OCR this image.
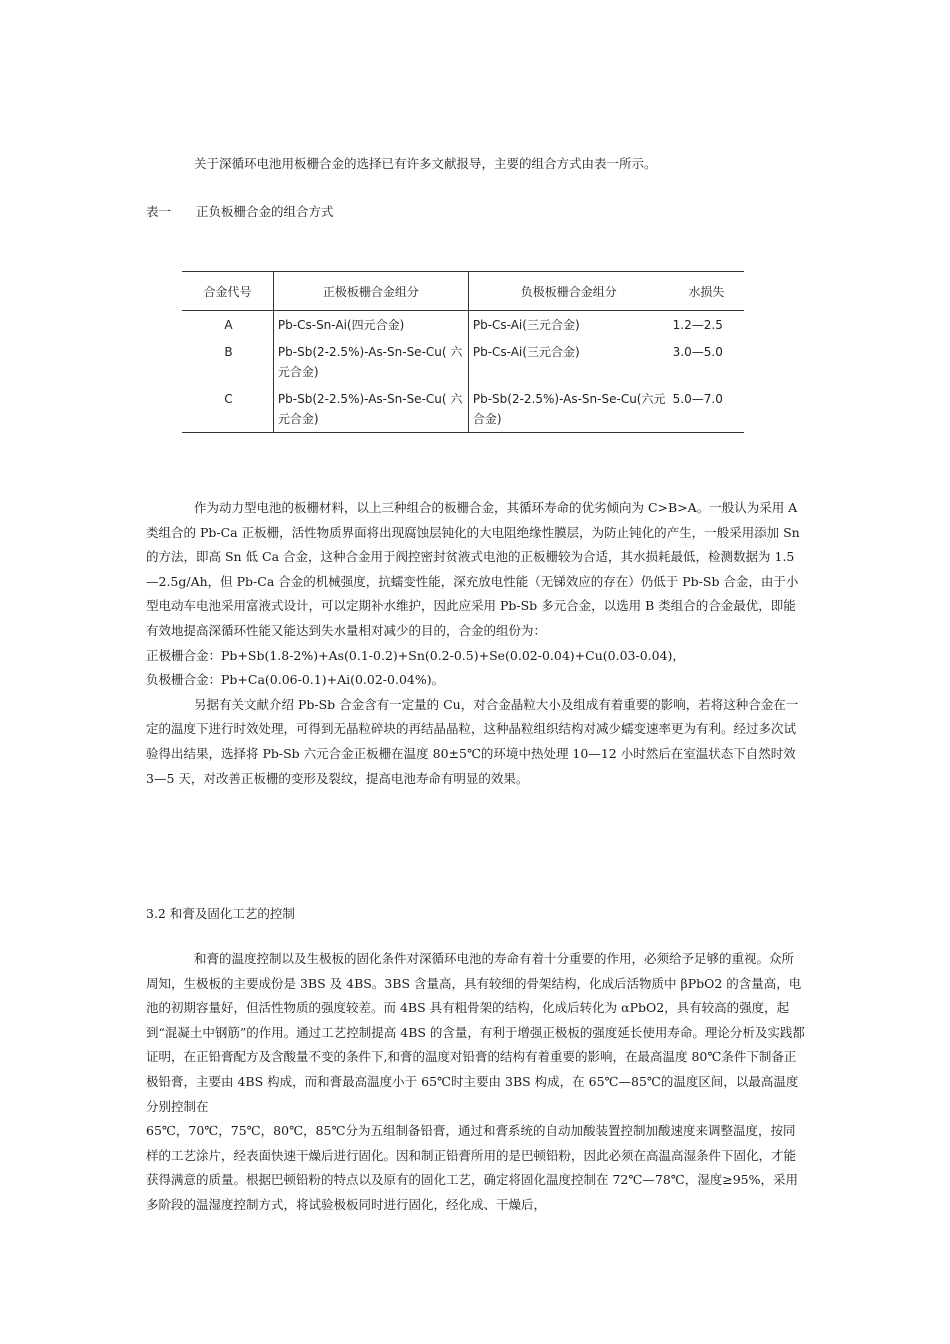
关于深循环电池用板栅合金的选择已有许多文献报导，主要的组合方式由表一所示。
表一 正负板栅合金的组合方式
合金代号	正极板栅合金组分	负极板栅合金组分	水损失
A	Pb-Cs-Sn-Ai(四元合金)	Pb-Cs-Ai(三元合金)	1.2—2.5
B	Pb-Sb(2-2.5%)-As-Sn-Se-Cu( 六元合金)	Pb-Cs-Ai(三元合金)	3.0—5.0
C	Pb-Sb(2-2.5%)-As-Sn-Se-Cu( 六元合金)	Pb-Sb(2-2.5%)-As-Sn-Se-Cu(六元合金)	5.0—7.0
作为动力型电池的板栅材料，以上三种组合的板栅合金，其循环寿命的优劣倾向为 C>B>A。一般认为采用 A 类组合的 Pb-Ca 正板栅，活性物质界面将出现腐蚀层钝化的大电阻绝缘性膜层，为防止钝化的产生，一般采用添加 Sn 的方法，即高 Sn 低 Ca 合金，这种合金用于阀控密封贫液式电池的正板栅较为合适，其水损耗最低，检测数据为 1.5—2.5g/Ah，但 Pb-Ca 合金的机械强度，抗蠕变性能，深充放电性能（无锑效应的存在）仍低于 Pb-Sb 合金，由于小型电动车电池采用富液式设计，可以定期补水维护，因此应采用 Pb-Sb 多元合金，以选用 B 类组合的合金最优，即能有效地提高深循环性能又能达到失水量相对减少的目的，合金的组份为：
正极栅合金：Pb+Sb(1.8-2%)+As(0.1-0.2)+Sn(0.2-0.5)+Se(0.02-0.04)+Cu(0.03-0.04)，
负极栅合金：Pb+Ca(0.06-0.1)+Ai(0.02-0.04%)。
另据有关文献介绍 Pb-Sb 合金含有一定量的 Cu，对合金晶粒大小及组成有着重要的影响，若将这种合金在一定的温度下进行时效处理，可得到无晶粒碎块的再结晶晶粒，这种晶粒组织结构对减少蠕变速率更为有利。经过多次试验得出结果，选择将 Pb-Sb 六元合金正板栅在温度 80±5℃的环境中热处理 10—12 小时然后在室温状态下自然时效 3—5 天，对改善正板栅的变形及裂纹，提高电池寿命有明显的效果。
3.2 和膏及固化工艺的控制
和膏的温度控制以及生极板的固化条件对深循环电池的寿命有着十分重要的作用，必须给予足够的重视。众所周知，生极板的主要成份是 3BS 及 4BS。3BS 含量高，具有较细的骨架结构，化成后活物质中 βPbO2 的含量高，电池的初期容量好，但活性物质的强度较差。而 4BS 具有粗骨架的结构，化成后转化为 αPbO2，具有较高的强度，起到“混凝土中钢筋”的作用。通过工艺控制提高 4BS 的含量，有利于增强正极板的强度延长使用寿命。理论分析及实践都证明，在正铅膏配方及含酸量不变的条件下,和膏的温度对铅膏的结构有着重要的影响，在最高温度 80℃条件下制备正极铅膏，主要由 4BS 构成，而和膏最高温度小于 65℃时主要由 3BS 构成，在 65℃—85℃的温度区间，以最高温度分别控制在
65℃，70℃，75℃，80℃，85℃分为五组制备铅膏，通过和膏系统的自动加酸装置控制加酸速度来调整温度，按同样的工艺涂片，经表面快速干燥后进行固化。因和制正铅膏所用的是巴顿铅粉，因此必须在高温高湿条件下固化，才能获得满意的质量。根据巴顿铅粉的特点以及原有的固化工艺，确定将固化温度控制在 72℃—78℃，湿度≥95%，采用多阶段的温湿度控制方式，将试验极板同时进行固化，经化成、干燥后，
